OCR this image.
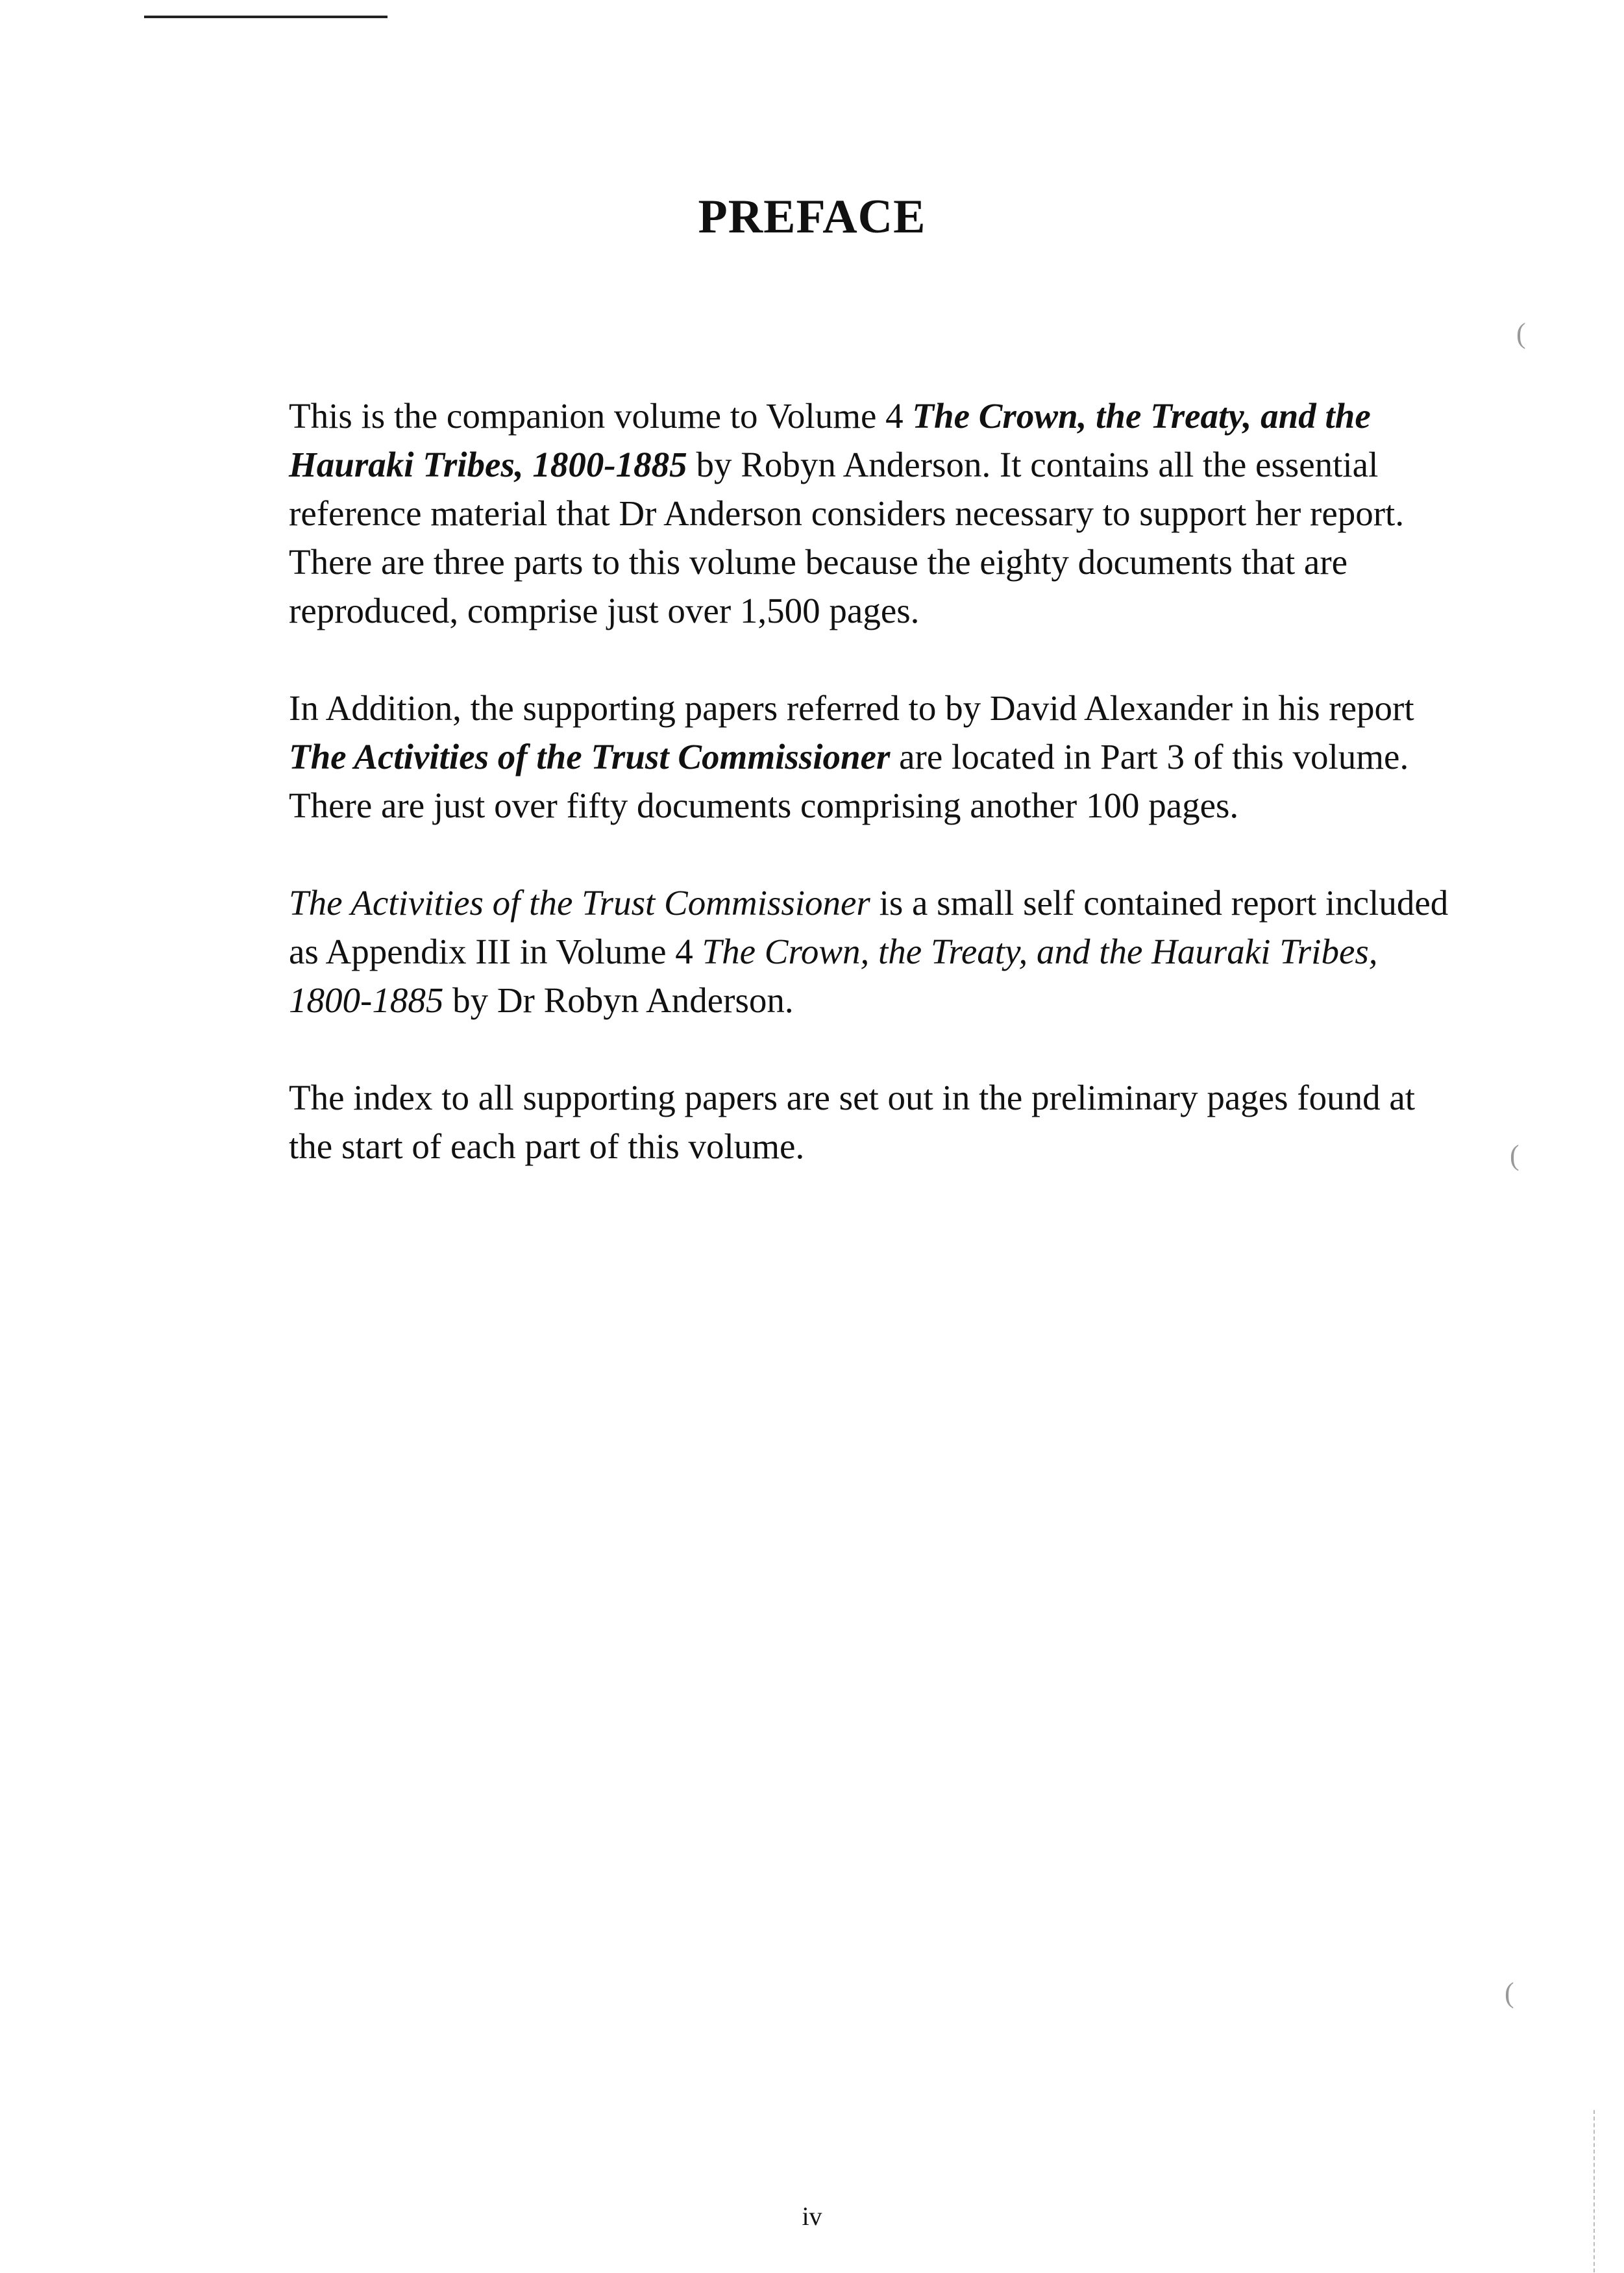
PREFACE

This is the companion volume to Volume 4 The Crown, the Treaty, and the Hauraki Tribes, 1800-1885 by Robyn Anderson. It contains all the essential reference material that Dr Anderson considers necessary to support her report. There are three parts to this volume because the eighty documents that are reproduced, comprise just over 1,500 pages.

In Addition, the supporting papers referred to by David Alexander in his report The Activities of the Trust Commissioner are located in Part 3 of this volume. There are just over fifty documents comprising another 100 pages.

The Activities of the Trust Commissioner is a small self contained report included as Appendix III in Volume 4 The Crown, the Treaty, and the Hauraki Tribes, 1800-1885 by Dr Robyn Anderson.

The index to all supporting papers are set out in the preliminary pages found at the start of each part of this volume.

(
(
(
iv
